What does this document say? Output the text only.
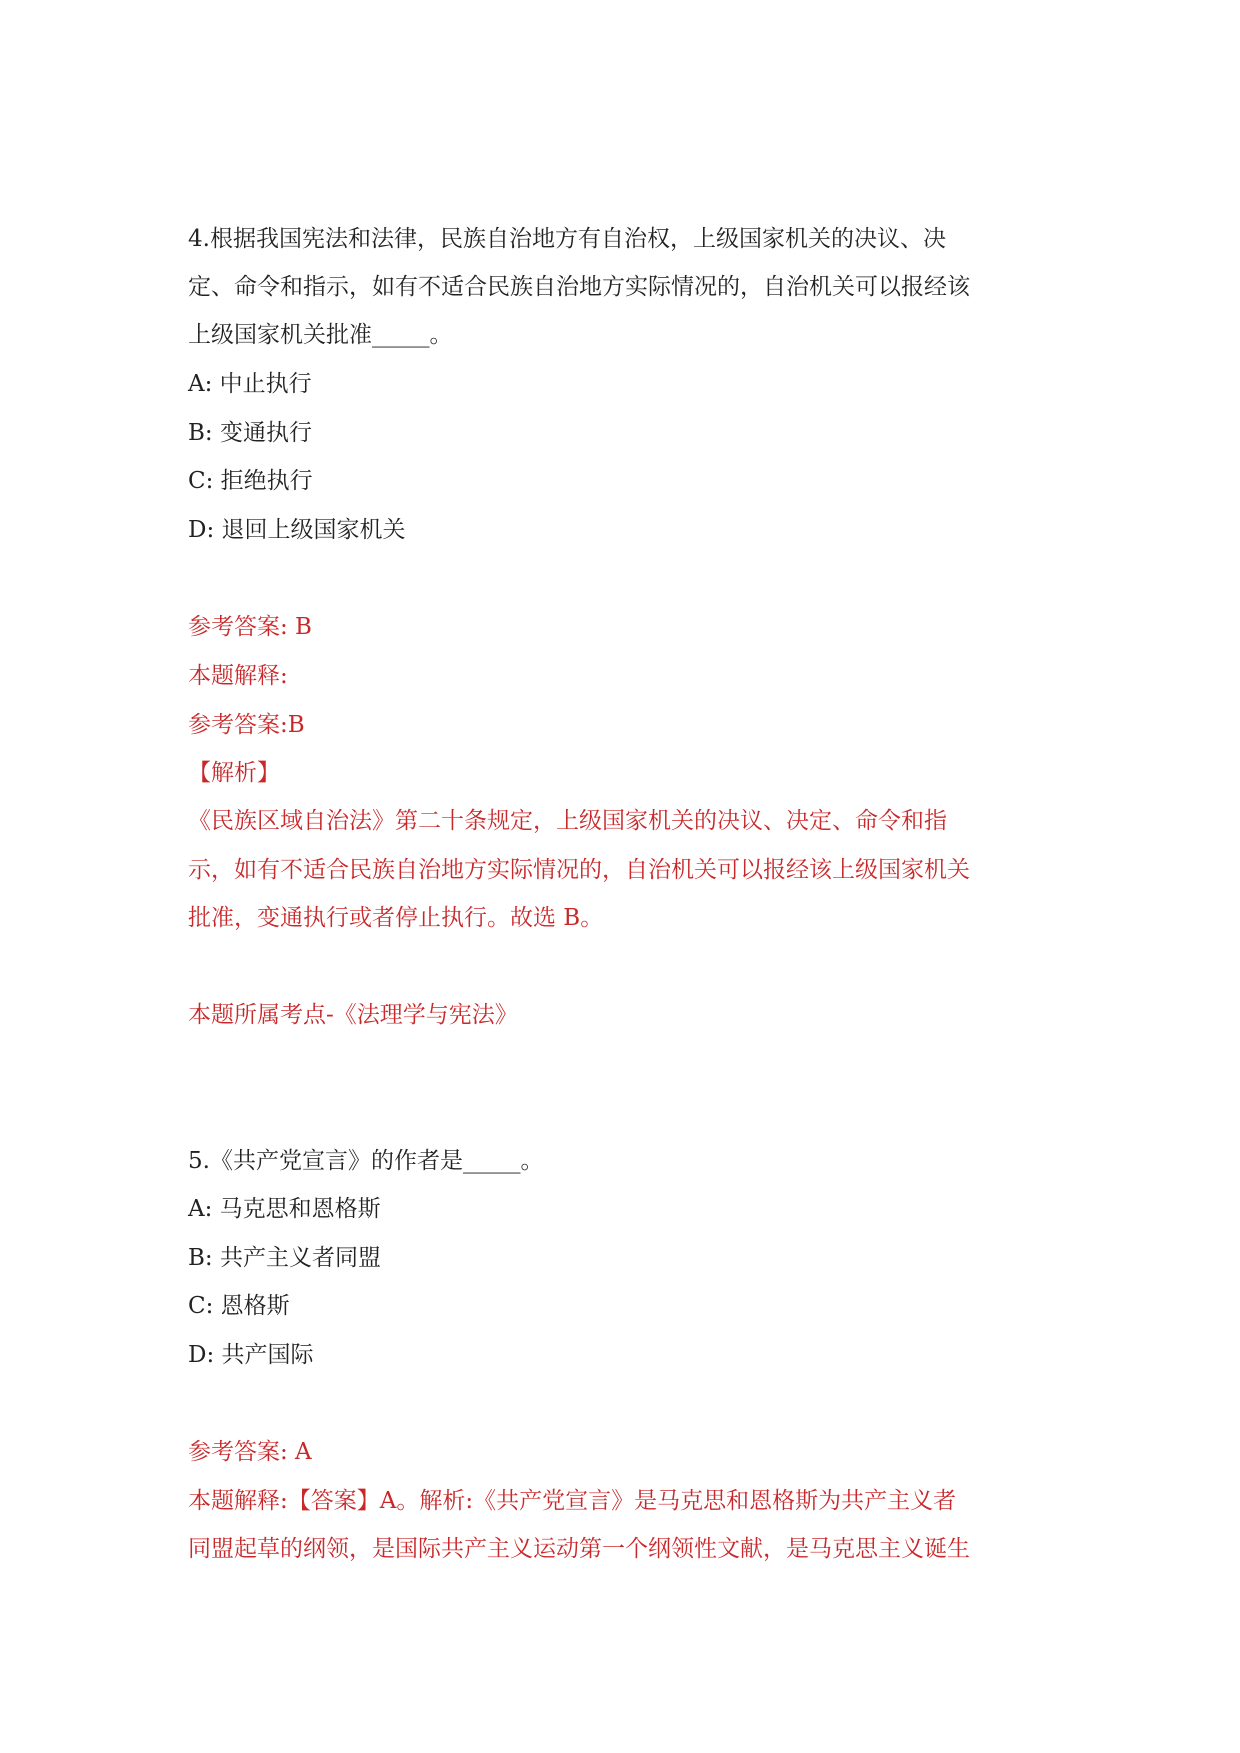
4.根据我国宪法和法律，民族自治地方有自治权，上级国家机关的决议、决
定、命令和指示，如有不适合民族自治地方实际情况的，自治机关可以报经该
上级国家机关批准_____。
A: 中止执行
B: 变通执行
C: 拒绝执行
D: 退回上级国家机关
参考答案: B
本题解释:
参考答案:B
【解析】
《民族区域自治法》第二十条规定，上级国家机关的决议、决定、命令和指
示，如有不适合民族自治地方实际情况的，自治机关可以报经该上级国家机关
批准，变通执行或者停止执行。故选 B。
本题所属考点-《法理学与宪法》
5.《共产党宣言》的作者是_____。
A: 马克思和恩格斯
B: 共产主义者同盟
C: 恩格斯
D: 共产国际
参考答案: A
本题解释:【答案】A。解析:《共产党宣言》是马克思和恩格斯为共产主义者
同盟起草的纲领，是国际共产主义运动第一个纲领性文献，是马克思主义诞生
